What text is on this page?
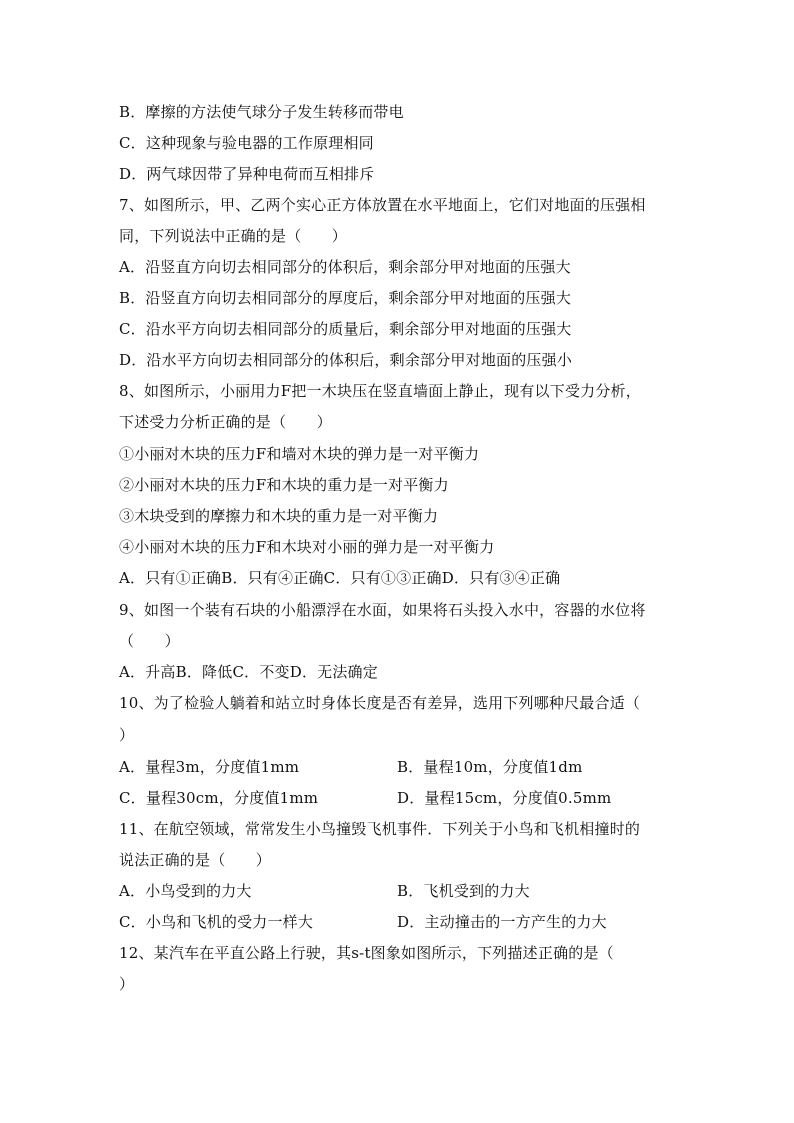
B．摩擦的方法使气球分子发生转移而带电
C．这种现象与验电器的工作原理相同
D．两气球因带了异种电荷而互相排斥
7、如图所示，甲、乙两个实心正方体放置在水平地面上，它们对地面的压强相
同，下列说法中正确的是（　　）
A．沿竖直方向切去相同部分的体积后，剩余部分甲对地面的压强大
B．沿竖直方向切去相同部分的厚度后，剩余部分甲对地面的压强大
C．沿水平方向切去相同部分的质量后，剩余部分甲对地面的压强大
D．沿水平方向切去相同部分的体积后，剩余部分甲对地面的压强小
8、如图所示，小丽用力F把一木块压在竖直墙面上静止，现有以下受力分析，
下述受力分析正确的是（　　）
①小丽对木块的压力F和墙对木块的弹力是一对平衡力
②小丽对木块的压力F和木块的重力是一对平衡力
③木块受到的摩擦力和木块的重力是一对平衡力
④小丽对木块的压力F和木块对小丽的弹力是一对平衡力
A．只有①正确B．只有④正确C．只有①③正确D．只有③④正确
9、如图一个装有石块的小船漂浮在水面，如果将石头投入水中，容器的水位将
（　　）
A．升高B．降低C．不变D．无法确定
10、为了检验人躺着和站立时身体长度是否有差异，选用下列哪种尺最合适（
）
A．量程3m，分度值1mm	B．量程10m，分度值1dm
C．量程30cm，分度值1mm	D．量程15cm，分度值0.5mm
11、在航空领域，常常发生小鸟撞毁飞机事件．下列关于小鸟和飞机相撞时的
说法正确的是（　　）
A．小鸟受到的力大	B．飞机受到的力大
C．小鸟和飞机的受力一样大	D．主动撞击的一方产生的力大
12、某汽车在平直公路上行驶，其s-t图象如图所示，下列描述正确的是（
）
